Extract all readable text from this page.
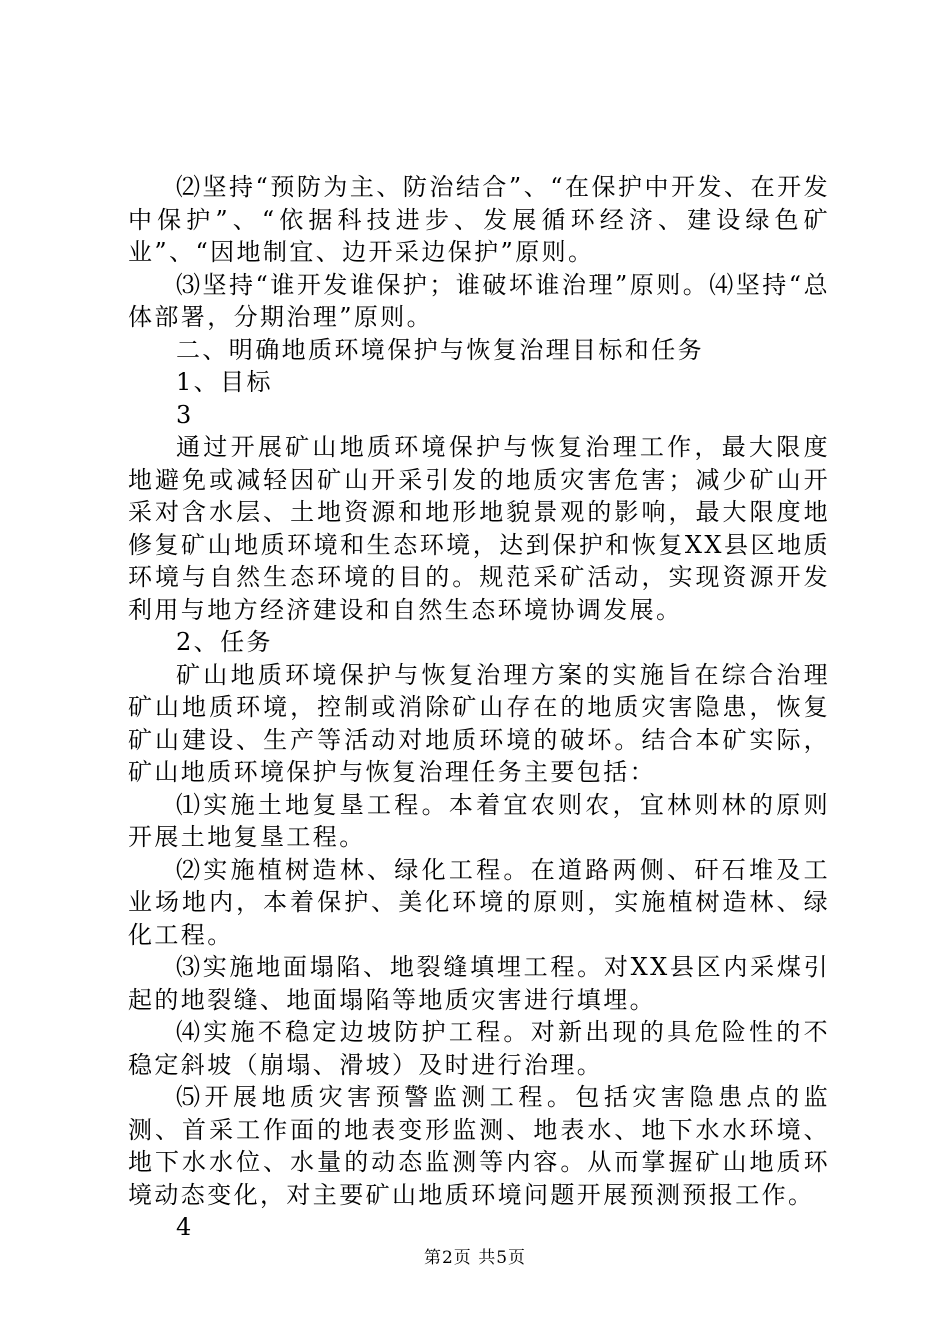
⑵坚持“预防为主、防治结合”、“在保护中开发、在开发中保护”、“依据科技进步、发展循环经济、建设绿色矿业”、“因地制宜、边开采边保护”原则。

⑶坚持“谁开发谁保护；谁破坏谁治理”原则。⑷坚持“总体部署，分期治理”原则。

二、明确地质环境保护与恢复治理目标和任务

1、目标

3

通过开展矿山地质环境保护与恢复治理工作，最大限度地避免或减轻因矿山开采引发的地质灾害危害；减少矿山开采对含水层、土地资源和地形地貌景观的影响，最大限度地修复矿山地质环境和生态环境，达到保护和恢复XX县区地质环境与自然生态环境的目的。规范采矿活动，实现资源开发利用与地方经济建设和自然生态环境协调发展。

2、任务

矿山地质环境保护与恢复治理方案的实施旨在综合治理矿山地质环境，控制或消除矿山存在的地质灾害隐患，恢复矿山建设、生产等活动对地质环境的破坏。结合本矿实际，矿山地质环境保护与恢复治理任务主要包括：

⑴实施土地复垦工程。本着宜农则农，宜林则林的原则开展土地复垦工程。

⑵实施植树造林、绿化工程。在道路两侧、矸石堆及工业场地内，本着保护、美化环境的原则，实施植树造林、绿化工程。

⑶实施地面塌陷、地裂缝填埋工程。对XX县区内采煤引起的地裂缝、地面塌陷等地质灾害进行填埋。

⑷实施不稳定边坡防护工程。对新出现的具危险性的不稳定斜坡（崩塌、滑坡）及时进行治理。

⑸开展地质灾害预警监测工程。包括灾害隐患点的监测、首采工作面的地表变形监测、地表水、地下水水环境、地下水水位、水量的动态监测等内容。从而掌握矿山地质环境动态变化，对主要矿山地质环境问题开展预测预报工作。

4

第2页 共5页
